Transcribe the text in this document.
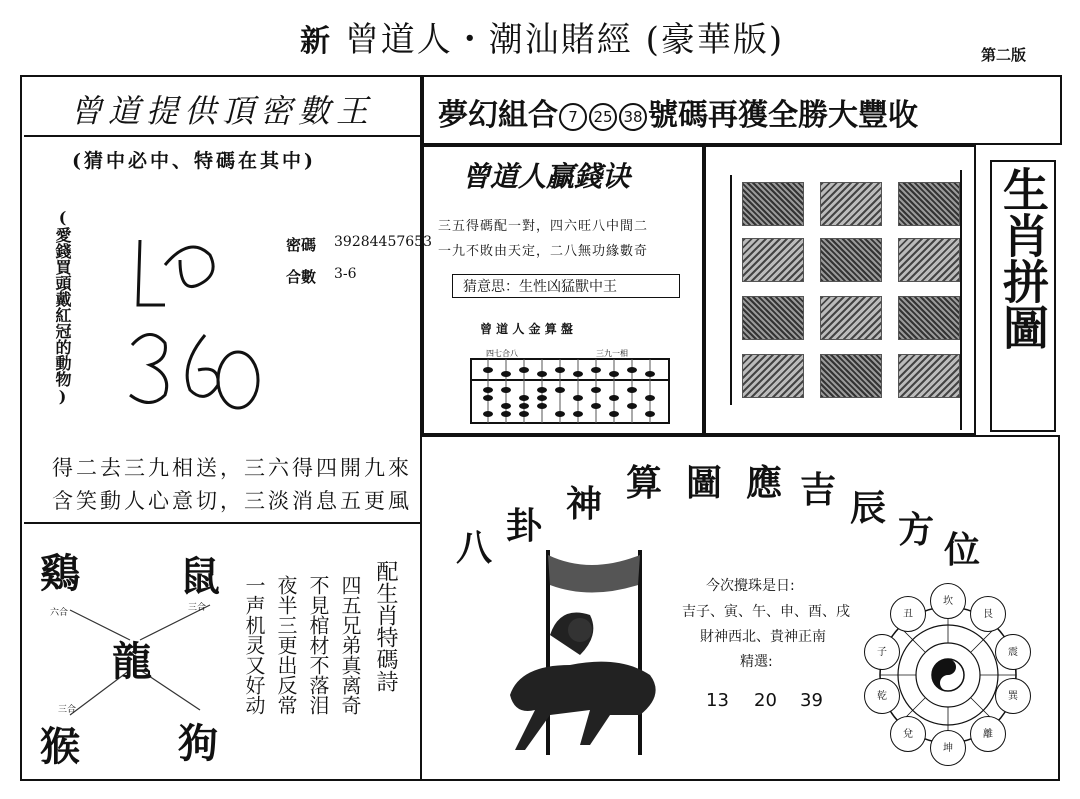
新 曾道人・潮汕賭經 (豪華版)	第二版
曾道提供頂密數王
(猜中必中、特碼在其中)
(愛錢買頭戴紅冠的動物)	密碼 39284457653
合數 3-6
得二去三九相送，三六得四開九來
含笑動人心意切，三淡消息五更風
鷄	鼠
龍
猴 狗
六合	三合
三合
配生肖特碼詩
四五兄弟真离奇
不見棺材不落泪
夜半三更出反常
一声机灵又好动
夢幻組合 7 25 38 號碼再獲全勝大豐收
曾道人贏錢诀
三五得碼配一對，四六旺八中間二
一九不敗由天定，二八無功緣數奇
猜意思：生性凶猛獸中王
曾 道 人 金 算 盤
四七合八	三九一相
生肖拼圖
八
卦
神 算 圖 應 吉 辰
方 位
今次攪珠是日:
吉子、寅、午、申、酉、戌
財神西北、貴神正南
精選:
13 20 39
坎
艮
震
巽
離
坤
兌
乾
子
丑
